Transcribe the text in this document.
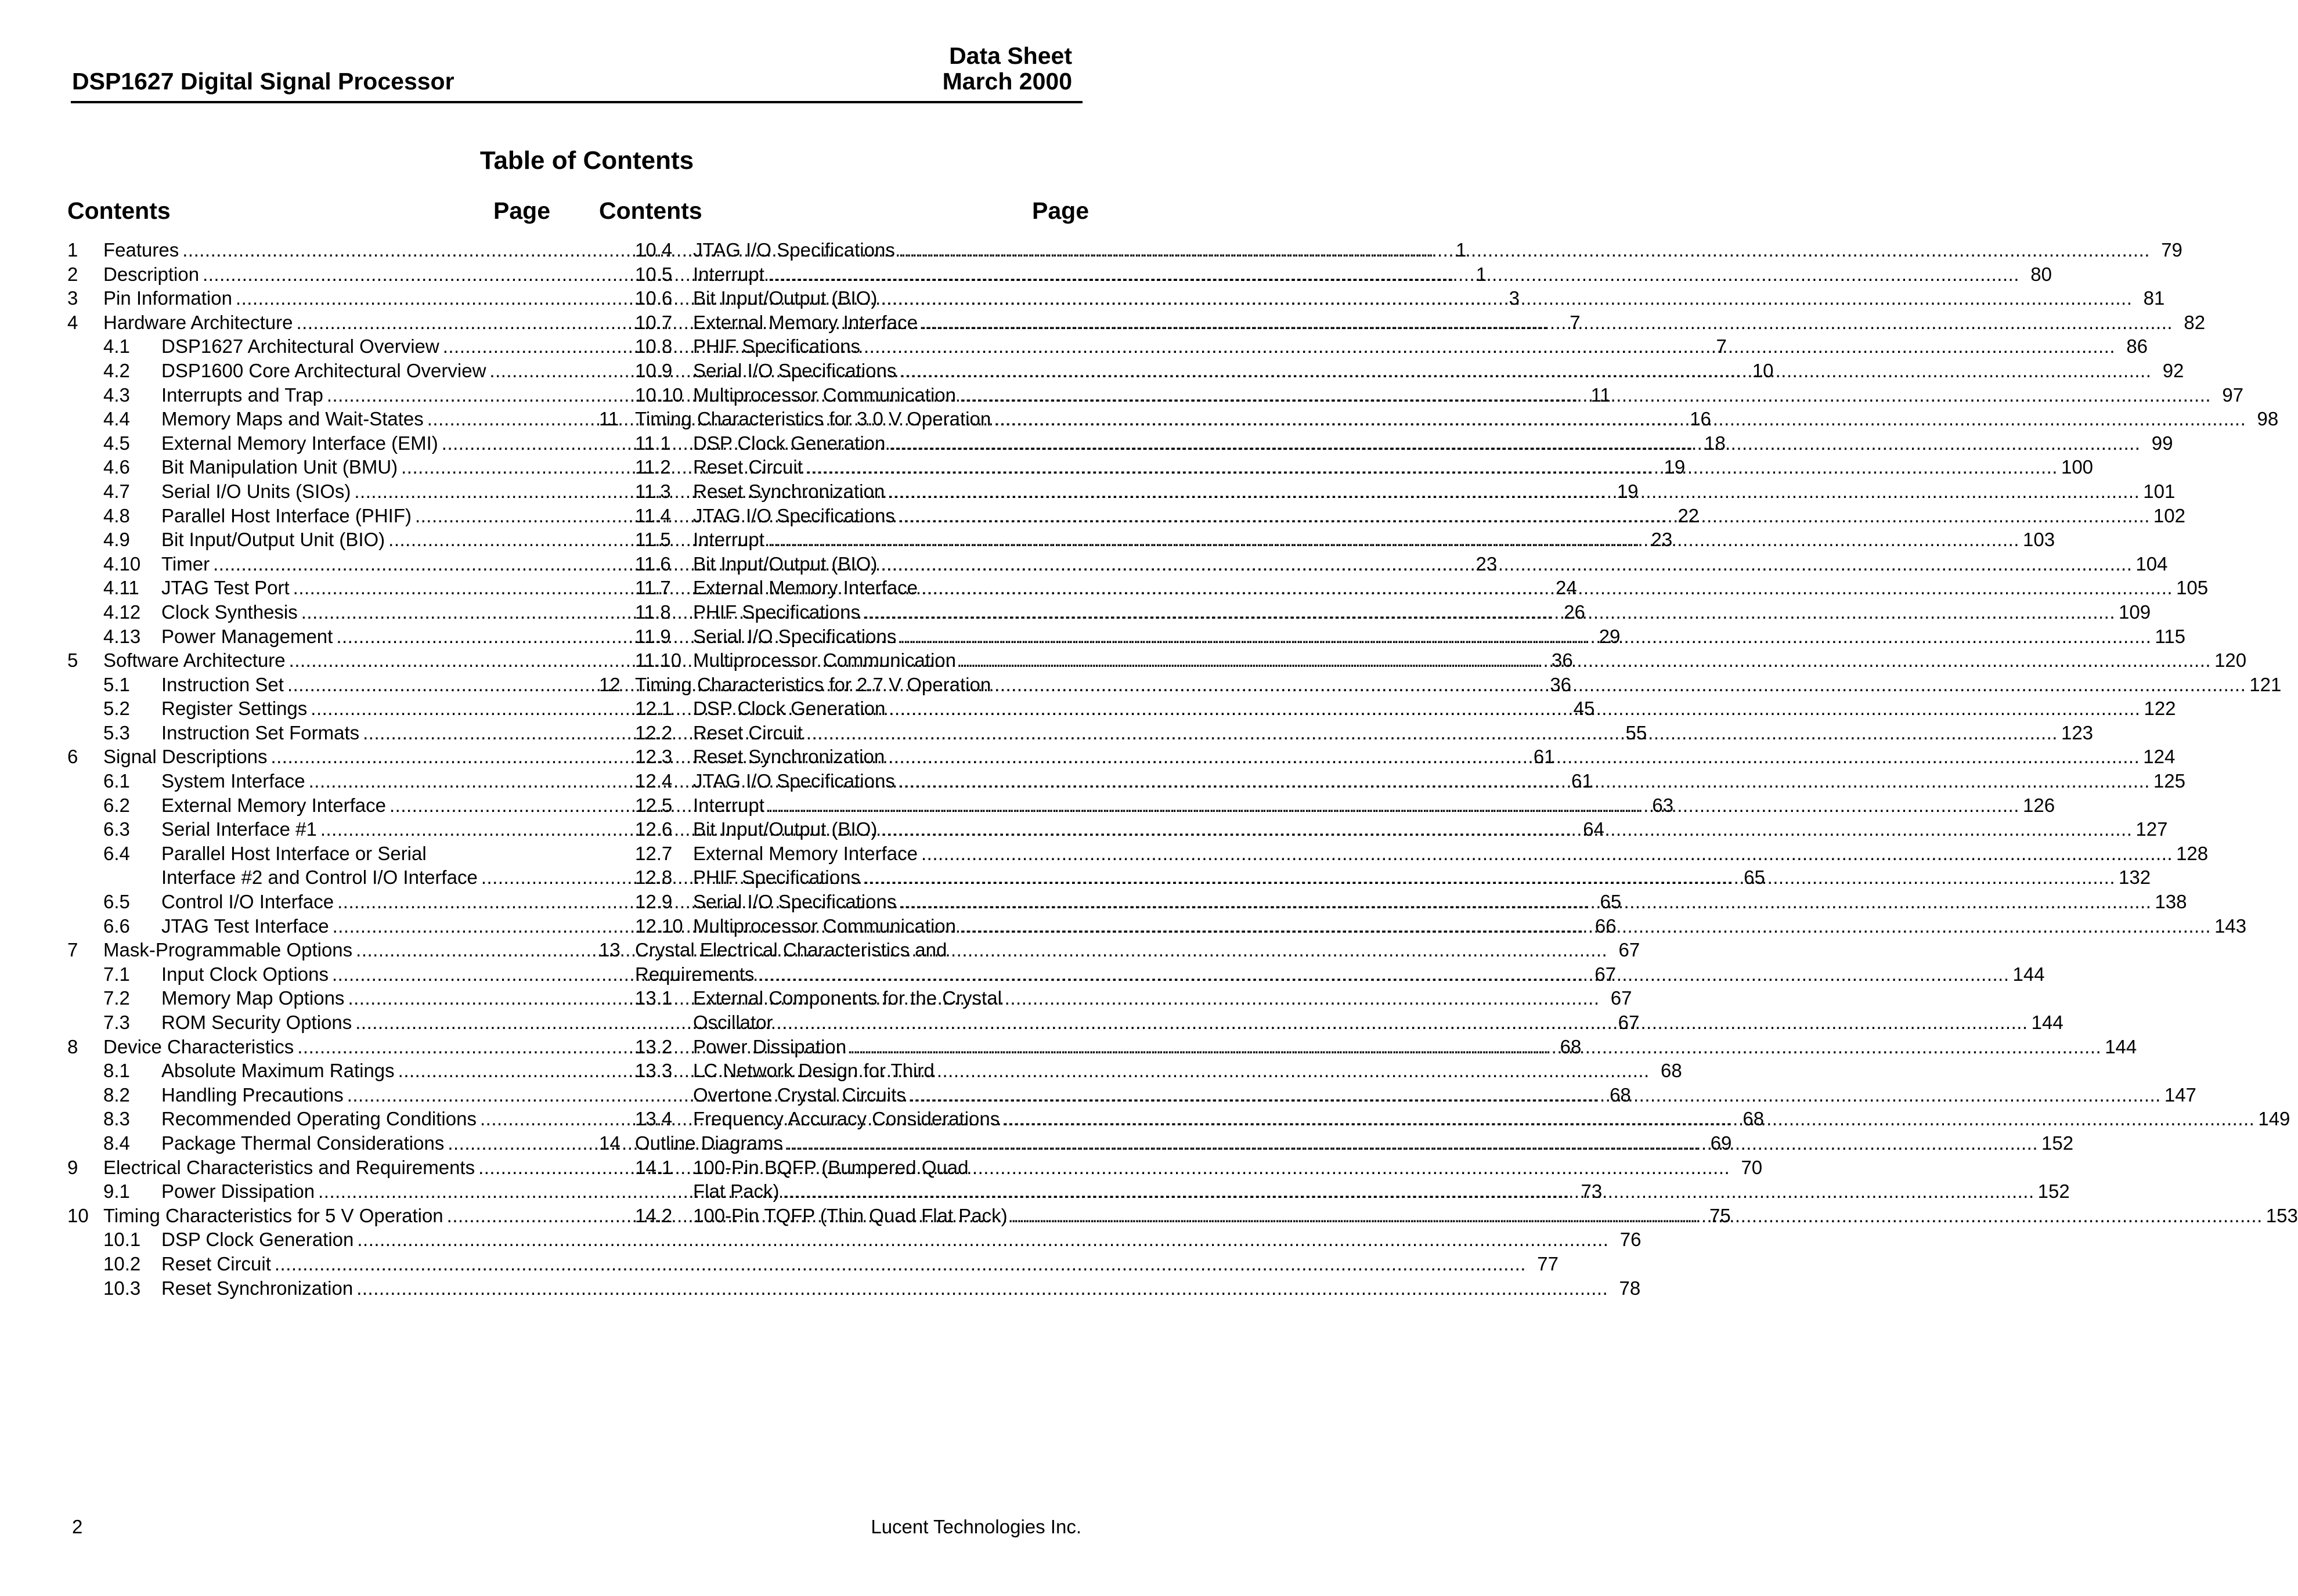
Data Sheet
March 2000
DSP1627 Digital Signal Processor
Table of Contents
Contents	Page
1	Features .....	1
2	Description .....	1
3	Pin Information .....	3
4	Hardware Architecture .....	7
4.1	DSP1627 Architectural Overview .....	7
4.2	DSP1600 Core Architectural Overview .....	10
4.3	Interrupts and Trap .....	11
4.4	Memory Maps and Wait-States .....	16
4.5	External Memory Interface (EMI) .....	18
4.6	Bit Manipulation Unit (BMU) .....	19
4.7	Serial I/O Units (SIOs) .....	19
4.8	Parallel Host Interface (PHIF) .....	22
4.9	Bit Input/Output Unit (BIO) .....	23
4.10	Timer .....	23
4.11	JTAG Test Port .....	24
4.12	Clock Synthesis .....	26
4.13	Power Management .....	29
5	Software Architecture .....	36
5.1	Instruction Set .....	36
5.2	Register Settings .....	45
5.3	Instruction Set Formats .....	55
6	Signal Descriptions .....	61
6.1	System Interface .....	61
6.2	External Memory Interface .....	63
6.3	Serial Interface #1 .....	64
6.4	Parallel Host Interface or Serial
Interface #2 and Control I/O Interface .....	65
6.5	Control I/O Interface .....	65
6.6	JTAG Test Interface .....	66
7	Mask-Programmable Options .....	67
7.1	Input Clock Options .....	67
7.2	Memory Map Options .....	67
7.3	ROM Security Options .....	67
8	Device Characteristics .....	68
8.1	Absolute Maximum Ratings .....	68
8.2	Handling Precautions .....	68
8.3	Recommended Operating Conditions .....	68
8.4	Package Thermal Considerations .....	69
9	Electrical Characteristics and Requirements .....	70
9.1	Power Dissipation .....	73
10 Timing Characteristics for 5 V Operation .....	75
10.1	DSP Clock Generation .....	76
10.2	Reset Circuit .....	77
10.3	Reset Synchronization .....	78
Contents	Page
10.4	JTAG I/O Specifications .....	79
10.5	Interrupt .....	80
10.6	Bit Input/Output (BIO) .....	81
10.7	External Memory Interface .....	82
10.8	PHIF Specifications .....	86
10.9	Serial I/O Specifications .....	92
10.10 Multiprocessor Communication .....	97
11 Timing Characteristics for 3.0 V Operation .....	98
11.1	DSP Clock Generation .....	99
11.2	Reset Circuit .....	100
11.3	Reset Synchronization .....	101
11.4	JTAG I/O Specifications .....	102
11.5	Interrupt .....	103
11.6	Bit Input/Output (BIO) .....	104
11.7	External Memory Interface .....	105
11.8	PHIF Specifications .....	109
11.9	Serial I/O Specifications .....	115
11.10 Multiprocessor Communication .....	120
12 Timing Characteristics for 2.7 V Operation .....	121
12.1	DSP Clock Generation .....	122
12.2	Reset Circuit .....	123
12.3	Reset Synchronization .....	124
12.4	JTAG I/O Specifications .....	125
12.5	Interrupt .....	126
12.6	Bit Input/Output (BIO) .....	127
12.7	External Memory Interface .....	128
12.8	PHIF Specifications .....	132
12.9	Serial I/O Specifications .....	138
12.10 Multiprocessor Communication .....	143
13 Crystal Electrical Characteristics and
Requirements .....	144
13.1	External Components for the Crystal
Oscillator .....	144
13.2	Power Dissipation .....	144
13.3	LC Network Design for Third
Overtone Crystal Circuits .....	147
13.4	Frequency Accuracy Considerations .....	149
14 Outline Diagrams .....	152
14.1	100-Pin BQFP (Bumpered Quad
Flat Pack) .....	152
14.2	100-Pin TQFP (Thin Quad Flat Pack) .....	153
2	Lucent Technologies Inc.
